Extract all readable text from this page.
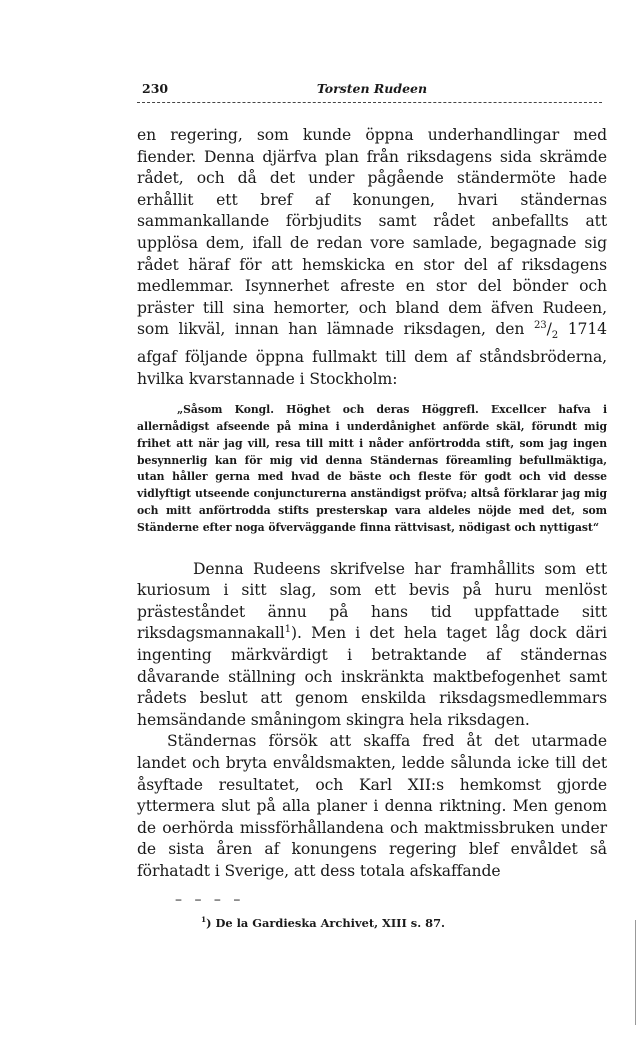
230	Torsten Rudeen

en regering, som kunde öppna underhandlingar med fiender. Denna djärfva plan från riksdagens sida skrämde rådet, och då det under pågående ständermöte hade erhållit ett bref af konungen, hvari ständernas sammankallande förbjudits samt rådet anbefallts att upplösa dem, ifall de redan vore samlade, begagnade sig rådet häraf för att hemskicka en stor del af riksdagens medlemmar. Isynnerhet afreste en stor del bönder och präster till sina hemorter, och bland dem äfven Rudeen, som likväl, innan han lämnade riksdagen, den $^{23}/_2$ 1714 afgaf följande öppna fullmakt till dem af ståndsbröderna, hvilka kvarstannade i Stockholm:

„Såsom Kongl. Höghet och deras Höggrefl. Excellcer hafva i allernådigst afseende på mina i underdånighet anförde skäl, förundt mig frihet att när jag vill, resa till mitt i nåder anförtrodda stift, som jag ingen besynnerlig kan för mig vid denna Ständernas föreamling befullmäktiga, utan håller gerna med hvad de bäste och fleste för godt och vid desse vidlyftigt utseende conjuncturerna anständigst pröfva; altså förklarar jag mig och mitt anförtrodda stifts presterskap vara aldeles nöjde med det, som Ständerne efter noga öfverväggande finna rättvisast, nödigast och nyttigast“

Denna Rudeens skrifvelse har framhållits som ett kuriosum i sitt slag, som ett bevis på huru menlöst prästeståndet ännu på hans tid uppfattade sitt riksdagsmannakall$^1$). Men i det hela taget låg dock däri ingenting märkvärdigt i betraktande af ständernas dåvarande ställning och inskränkta maktbefogenhet samt rådets beslut att genom enskilda riksdagsmedlemmars hemsändande småningom skingra hela riksdagen.

Ständernas försök att skaffa fred åt det utarmade landet och bryta envåldsmakten, ledde sålunda icke till det åsyftade resultatet, och Karl XII:s hemkomst gjorde yttermera slut på alla planer i denna riktning. Men genom de oerhörda missförhållandena och maktmissbruken under de sista åren af konungens regering blef envåldet så förhatadt i Sverige, att dess totala afskaffande

– – – –
$^1$) De la Gardieska Archivet, XIII s. 87.
